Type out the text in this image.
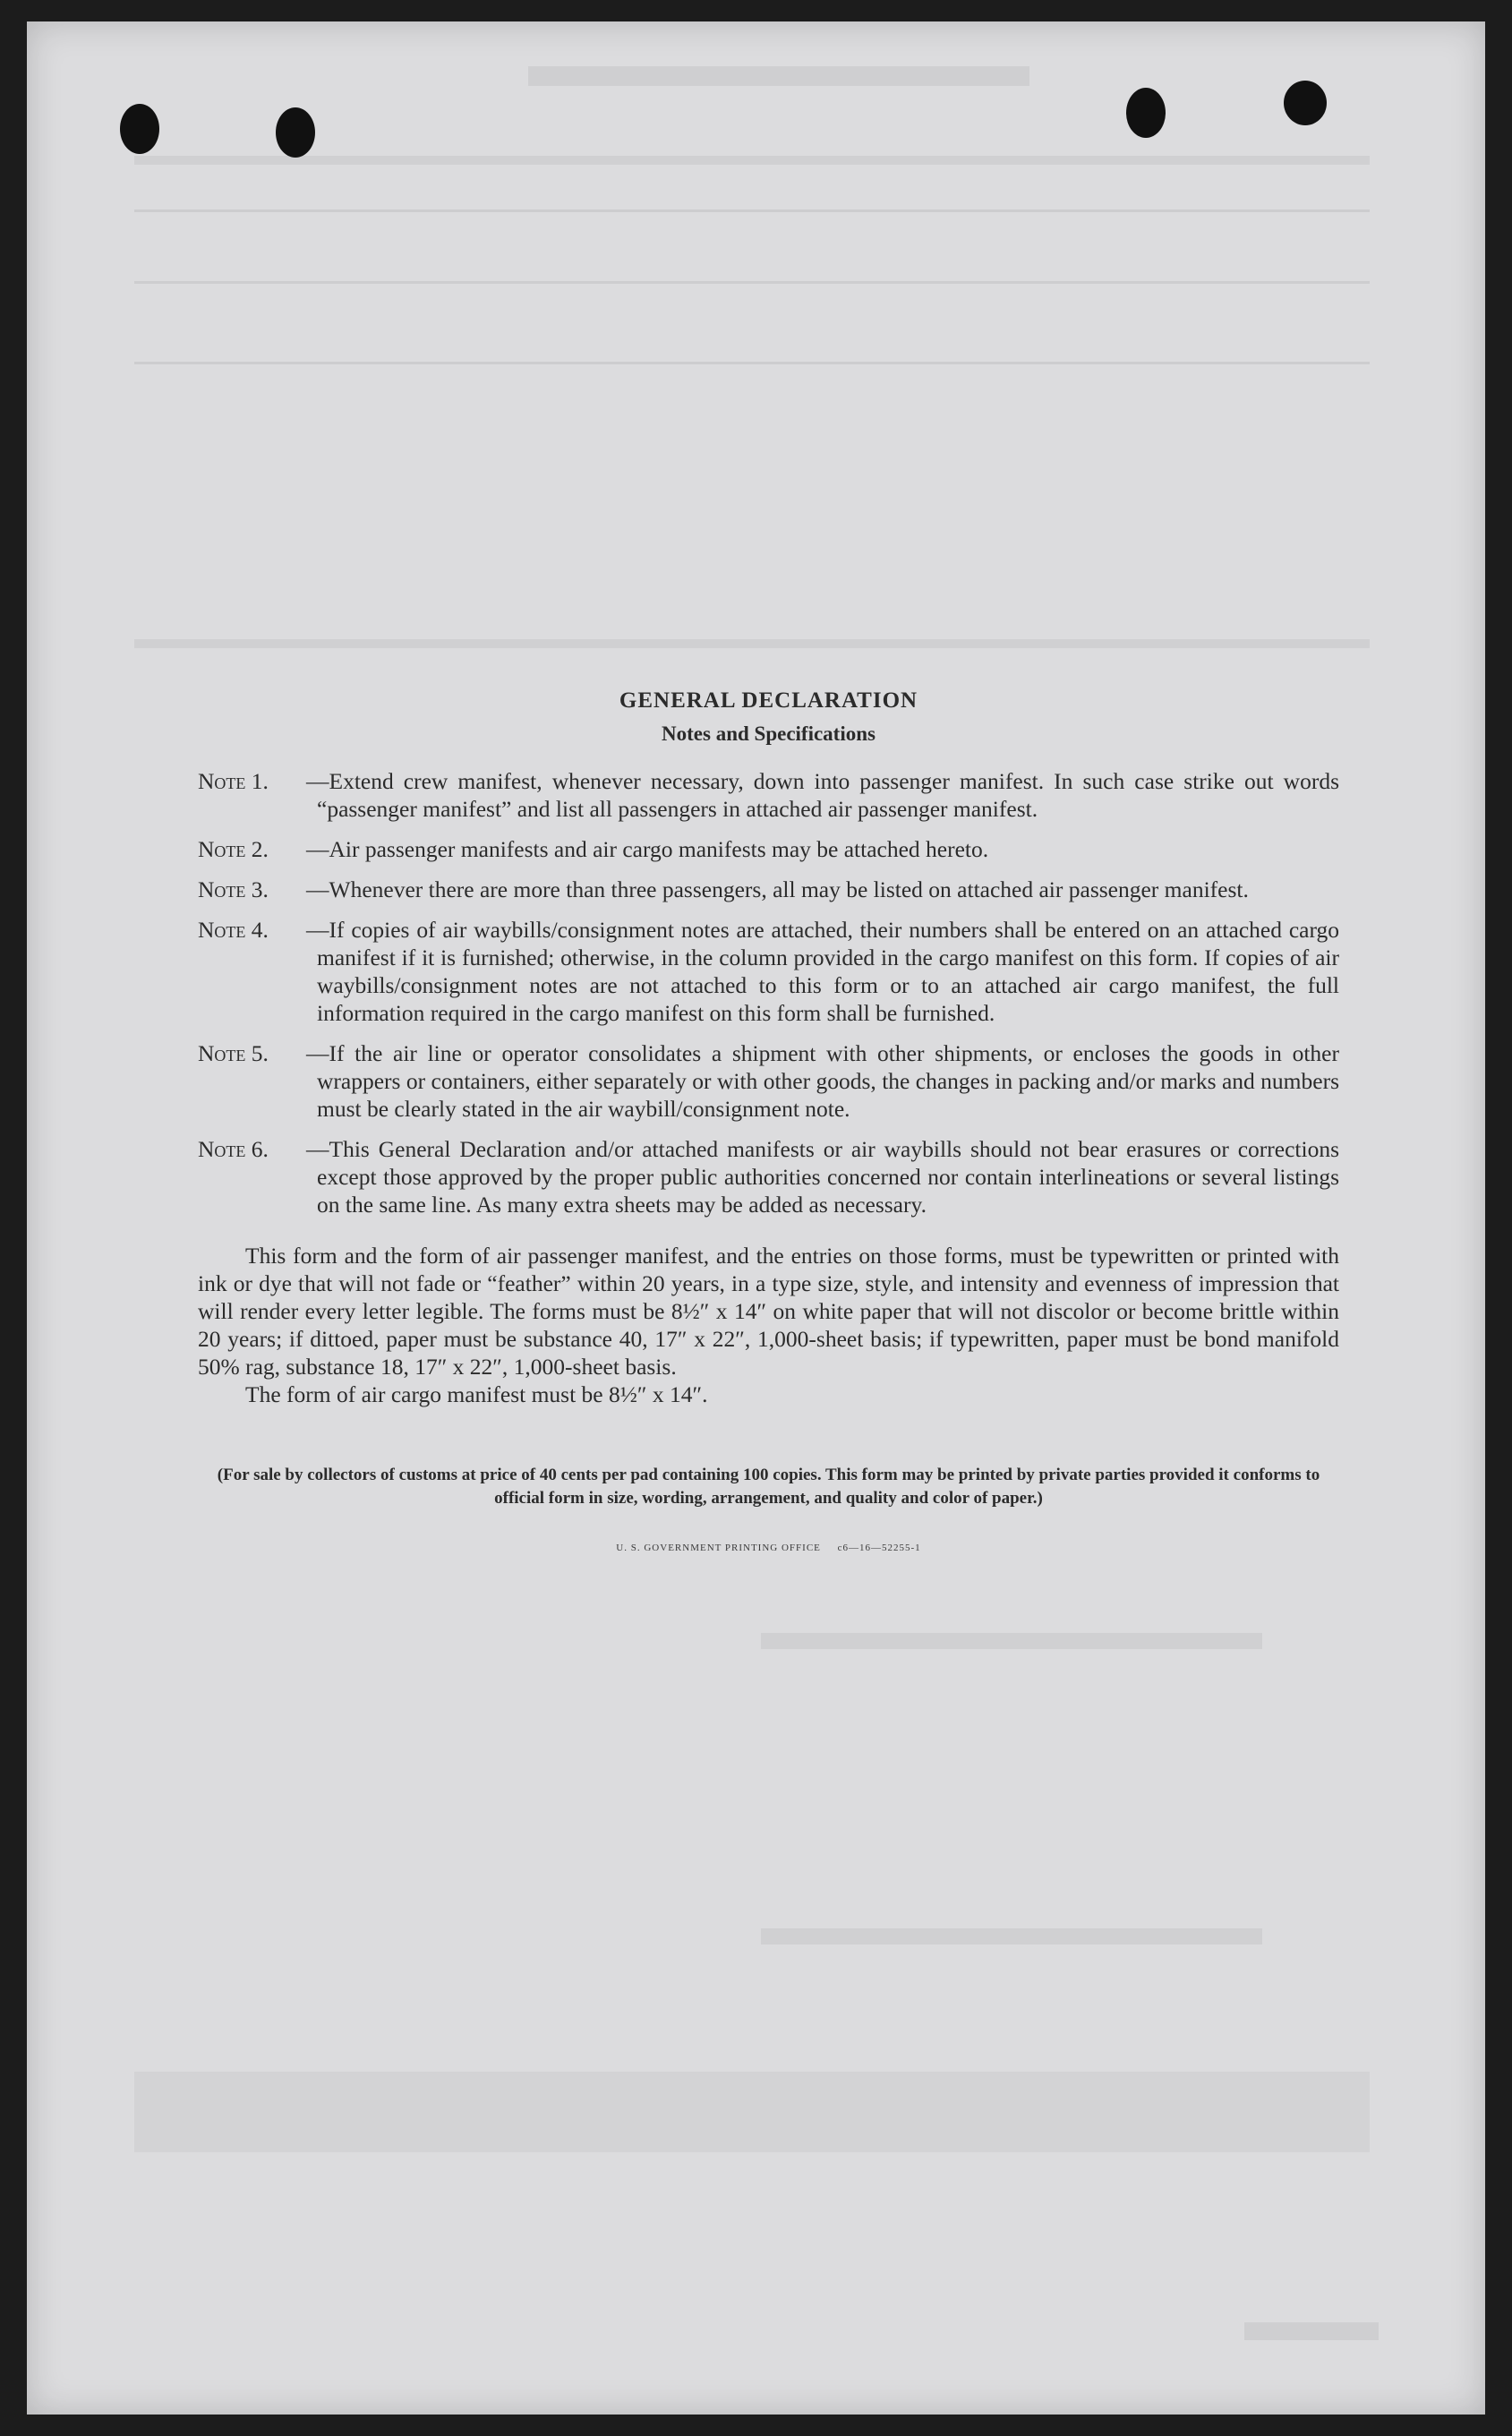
GENERAL DECLARATION
Notes and Specifications
Note 1.	—Extend crew manifest, whenever necessary, down into passenger manifest. In such case strike out words “passenger manifest” and list all passengers in attached air passenger manifest.
Note 2.	—Air passenger manifests and air cargo manifests may be attached hereto.
Note 3.	—Whenever there are more than three passengers, all may be listed on attached air passenger manifest.
Note 4.	—If copies of air waybills/consignment notes are attached, their numbers shall be entered on an attached cargo manifest if it is furnished; otherwise, in the column provided in the cargo manifest on this form. If copies of air waybills/consignment notes are not attached to this form or to an attached air cargo manifest, the full information required in the cargo manifest on this form shall be furnished.
Note 5.	—If the air line or operator consolidates a shipment with other shipments, or encloses the goods in other wrappers or containers, either separately or with other goods, the changes in packing and/or marks and numbers must be clearly stated in the air waybill/consignment note.
Note 6.	—This General Declaration and/or attached manifests or air waybills should not bear erasures or corrections except those approved by the proper public authorities concerned nor contain interlineations or several listings on the same line. As many extra sheets may be added as necessary.
This form and the form of air passenger manifest, and the entries on those forms, must be typewritten or printed with ink or dye that will not fade or “feather” within 20 years, in a type size, style, and intensity and evenness of impression that will render every letter legible. The forms must be 8½″ x 14″ on white paper that will not discolor or become brittle within 20 years; if dittoed, paper must be substance 40, 17″ x 22″, 1,000-sheet basis; if typewritten, paper must be bond manifold 50% rag, substance 18, 17″ x 22″, 1,000-sheet basis.
The form of air cargo manifest must be 8½″ x 14″.
(For sale by collectors of customs at price of 40 cents per pad containing 100 copies. This form may be printed by private parties provided it conforms to official form in size, wording, arrangement, and quality and color of paper.)
U. S. GOVERNMENT PRINTING OFFICE     c6—16—52255-1
